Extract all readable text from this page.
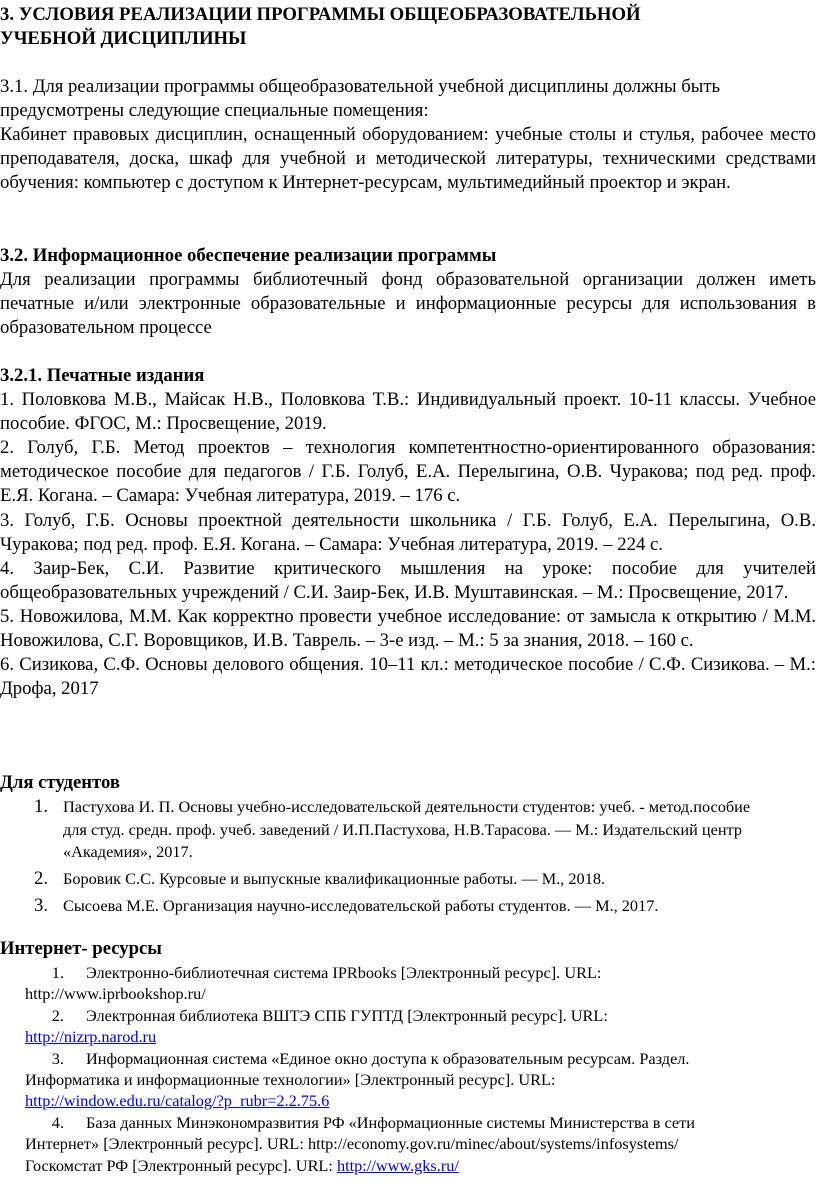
3. УСЛОВИЯ РЕАЛИЗАЦИИ ПРОГРАММЫ ОБЩЕОБРАЗОВАТЕЛЬНОЙ
УЧЕБНОЙ ДИСЦИПЛИНЫ

3.1. Для реализации программы общеобразовательной учебной дисциплины должны быть предусмотрены следующие специальные помещения:

Кабинет правовых дисциплин, оснащенный оборудованием: учебные столы и стулья, рабочее место преподавателя, доска, шкаф для учебной и методической литературы, техническими средствами обучения: компьютер с доступом к Интернет-ресурсам, мультимедийный проектор и экран.

3.2. Информационное обеспечение реализации программы

Для реализации программы библиотечный фонд образовательной организации должен иметь печатные и/или электронные образовательные и информационные ресурсы для использования в образовательном процессе

3.2.1. Печатные издания

1. Половкова М.В., Майсак Н.В., Половкова Т.В.: Индивидуальный проект. 10-11 классы. Учебное пособие. ФГОС, М.: Просвещение, 2019.

2. Голуб, Г.Б. Метод проектов – технология компетентностно-ориентированного образования: методическое пособие для педагогов / Г.Б. Голуб, Е.А. Перелыгина, О.В. Чуракова; под ред. проф. Е.Я. Когана. – Самара: Учебная литература, 2019. – 176 с.

3. Голуб, Г.Б. Основы проектной деятельности школьника / Г.Б. Голуб, Е.А. Перелыгина, О.В. Чуракова; под ред. проф. Е.Я. Когана. – Самара: Учебная литература, 2019. – 224 с.

4. Заир-Бек, С.И. Развитие критического мышления на уроке: пособие для учителей общеобразовательных учреждений / С.И. Заир-Бек, И.В. Муштавинская. – М.: Просвещение, 2017.

5. Новожилова, М.М. Как корректно провести учебное исследование: от замысла к открытию / М.М. Новожилова, С.Г. Воровщиков, И.В. Таврель. – 3-е изд. – М.: 5 за знания, 2018. – 160 с.

6. Сизикова, С.Ф. Основы делового общения. 10–11 кл.: методическое пособие / С.Ф. Сизикова. – М.: Дрофа, 2017

Для студентов

1. Пастухова И. П. Основы учебно-исследовательской деятельности студентов: учеб. - метод.пособие для студ. средн. проф. учеб. заведений / И.П.Пастухова, Н.В.Тарасова. — М.: Издательский центр «Академия», 2017.
2. Боровик С.С. Курсовые и выпускные квалификационные работы. — М., 2018.
3. Сысоева М.Е. Организация научно-исследовательской работы студентов. — М., 2017.

Интернет- ресурсы

1. Электронно-библиотечная система IPRbooks [Электронный ресурс]. URL:

http://www.iprbookshop.ru/

2. Электронная библиотека ВШТЭ СПБ ГУПТД [Электронный ресурс]. URL:

http://nizrp.narod.ru

3. Информационная система «Единое окно доступа к образовательным ресурсам. Раздел.

Информатика и информационные технологии» [Электронный ресурс]. URL:

http://window.edu.ru/catalog/?p_rubr=2.2.75.6

4. База данных Минэкономразвития РФ «Информационные системы Министерства в сети

Интернет» [Электронный ресурс]. URL: http://economy.gov.ru/minec/about/systems/infosystems/

Госкомстат РФ [Электронный ресурс]. URL: http://www.gks.ru/
